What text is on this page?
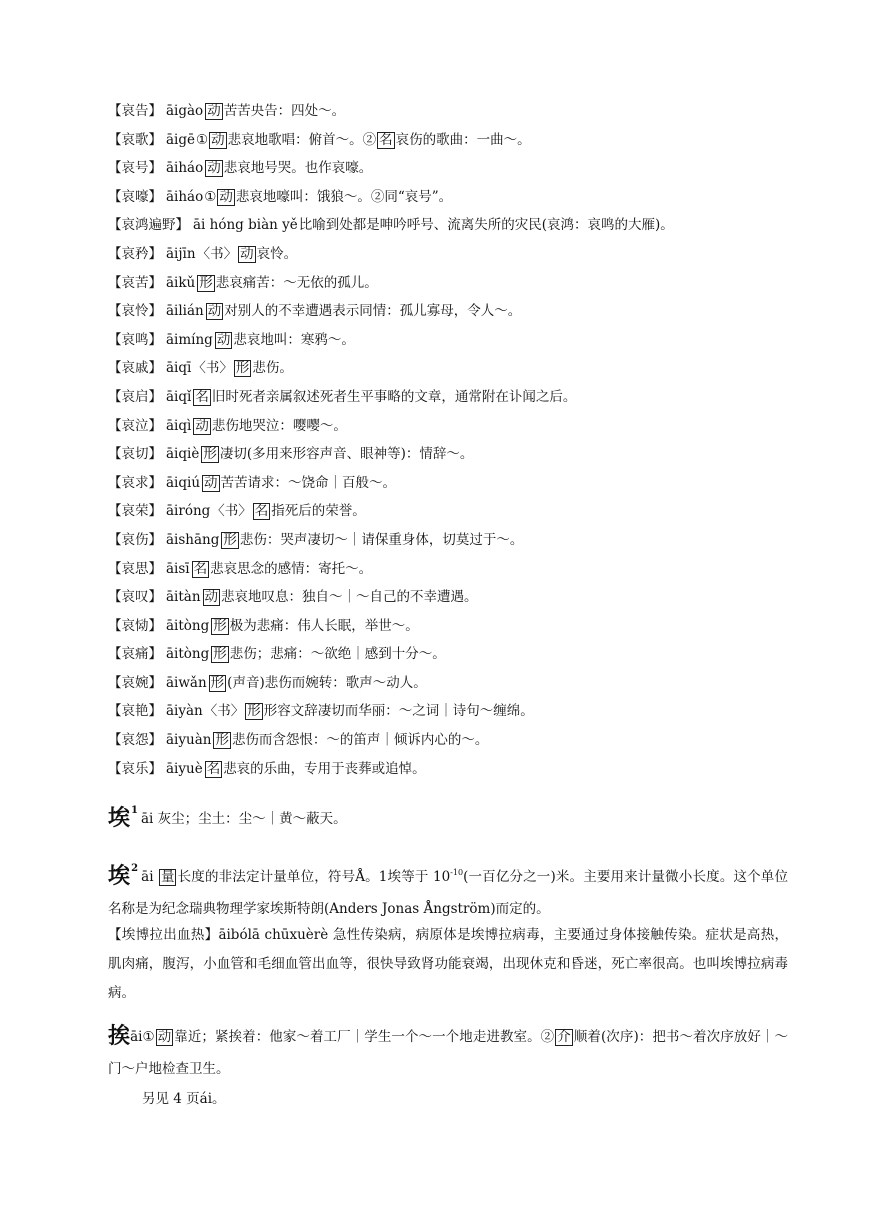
【哀告】 āigào 动 苦苦央告：四处～。
【哀歌】 āigē① 动 悲哀地歌唱：俯首～。② 名 哀伤的歌曲：一曲～。
【哀号】 āiháo 动 悲哀地号哭。也作哀嚎。
【哀嚎】 āiháo① 动 悲哀地嚎叫：饿狼～。②同“哀号”。
【哀鸿遍野】 āi hóng biàn yě比喻到处都是呻吟呼号、流离失所的灾民(哀鸿：哀鸣的大雁)。
【哀矜】 āijīn〈书〉 动 哀怜。
【哀苦】 āikǔ 形 悲哀痛苦：～无依的孤儿。
【哀怜】 āilián 动 对别人的不幸遭遇表示同情：孤儿寡母，令人～。
【哀鸣】 āimíng 动 悲哀地叫：寒鸦～。
【哀戚】 āiqī〈书〉 形 悲伤。
【哀启】 āiqǐ 名 旧时死者亲属叙述死者生平事略的文章，通常附在讣闻之后。
【哀泣】 āiqì 动 悲伤地哭泣：嘤嘤～。
【哀切】 āiqiè 形 凄切(多用来形容声音、眼神等)：情辞～。
【哀求】 āiqiú 动 苦苦请求：～饶命｜百般～。
【哀荣】 āiróng〈书〉 名 指死后的荣誉。
【哀伤】 āishāng 形 悲伤：哭声凄切～｜请保重身体，切莫过于～。
【哀思】 āisī 名 悲哀思念的感情：寄托～。
【哀叹】 āitàn 动 悲哀地叹息：独自～｜～自己的不幸遭遇。
【哀恸】 āitòng 形 极为悲痛：伟人长眠，举世～。
【哀痛】 āitòng 形 悲伤；悲痛：～欲绝｜感到十分～。
【哀婉】 āiwǎn 形 (声音)悲伤而婉转：歌声～动人。
【哀艳】 āiyàn〈书〉 形 形容文辞凄切而华丽：～之词｜诗句～缠绵。
【哀怨】 āiyuàn 形 悲伤而含怨恨：～的笛声｜倾诉内心的～。
【哀乐】 āiyuè 名 悲哀的乐曲，专用于丧葬或追悼。
埃$^1$āi 灰尘；尘土：尘～｜黄～蔽天。
埃$^2$āi 量 长度的非法定计量单位，符号Å。1埃等于 $10^{-10}$(一百亿分之一)米。主要用来计量微小长度。这个单位名称是为纪念瑞典物理学家埃斯特朗(Anders Jonas Ångström)而定的。
【埃博拉出血热】āibólā chūxuèrè 急性传染病，病原体是埃博拉病毒，主要通过身体接触传染。症状是高热，肌肉痛，腹泻，小血管和毛细血管出血等，很快导致肾功能衰竭，出现休克和昏迷，死亡率很高。也叫埃博拉病毒病。
挨āi① 动 靠近；紧挨着：他家～着工厂｜学生一个～一个地走进教室。② 介 顺着(次序)：把书～着次序放好｜～门～户地检查卫生。
另见 4 页ái。
